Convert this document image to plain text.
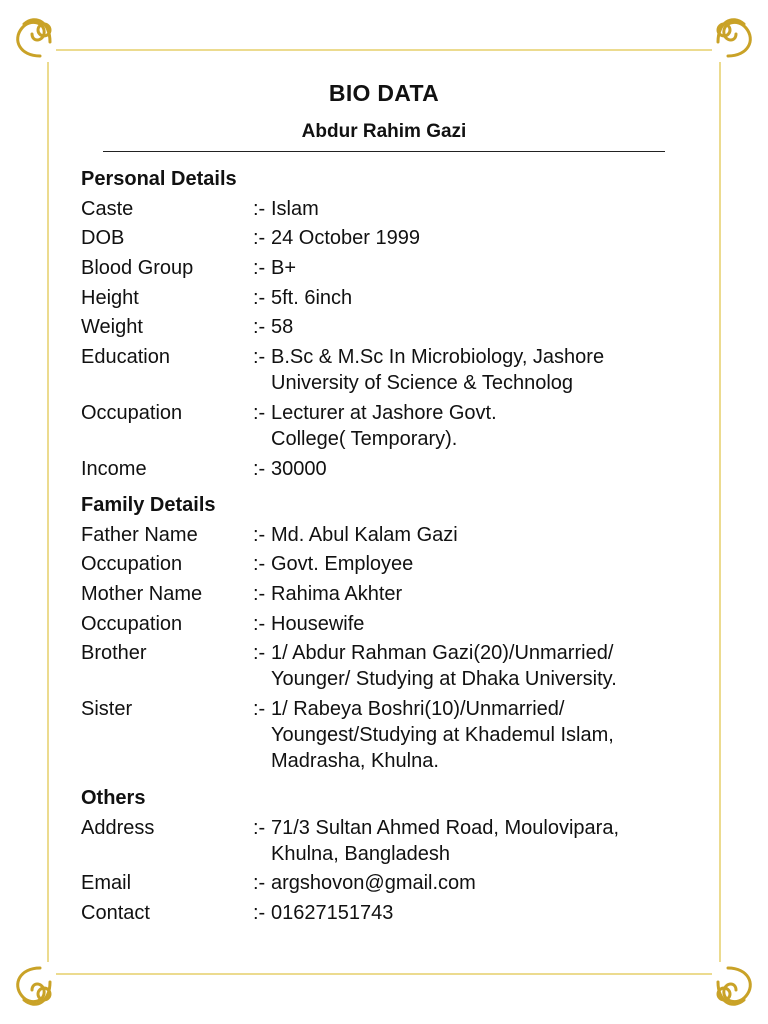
BIO DATA
Abdur Rahim Gazi
Personal Details
Caste	:- Islam
DOB	:- 24 October 1999
Blood Group	:- B+
Height	:- 5ft. 6inch
Weight	:- 58
Education	:- B.Sc & M.Sc In Microbiology, Jashore
University of Science & Technolog
Occupation	:- Lecturer at Jashore Govt.
College( Temporary).
Income	:- 30000
Family Details
Father Name	:- Md. Abul Kalam Gazi
Occupation	:- Govt. Employee
Mother Name	:- Rahima Akhter
Occupation	:- Housewife
Brother	:- 1/ Abdur Rahman Gazi(20)/Unmarried/
Younger/ Studying at Dhaka University.
Sister	:- 1/ Rabeya Boshri(10)/Unmarried/
Youngest/Studying at Khademul Islam,
Madrasha, Khulna.
Others
Address	:- 71/3 Sultan Ahmed Road, Moulovipara,
Khulna, Bangladesh
Email	:- argshovon@gmail.com
Contact	:- 01627151743
